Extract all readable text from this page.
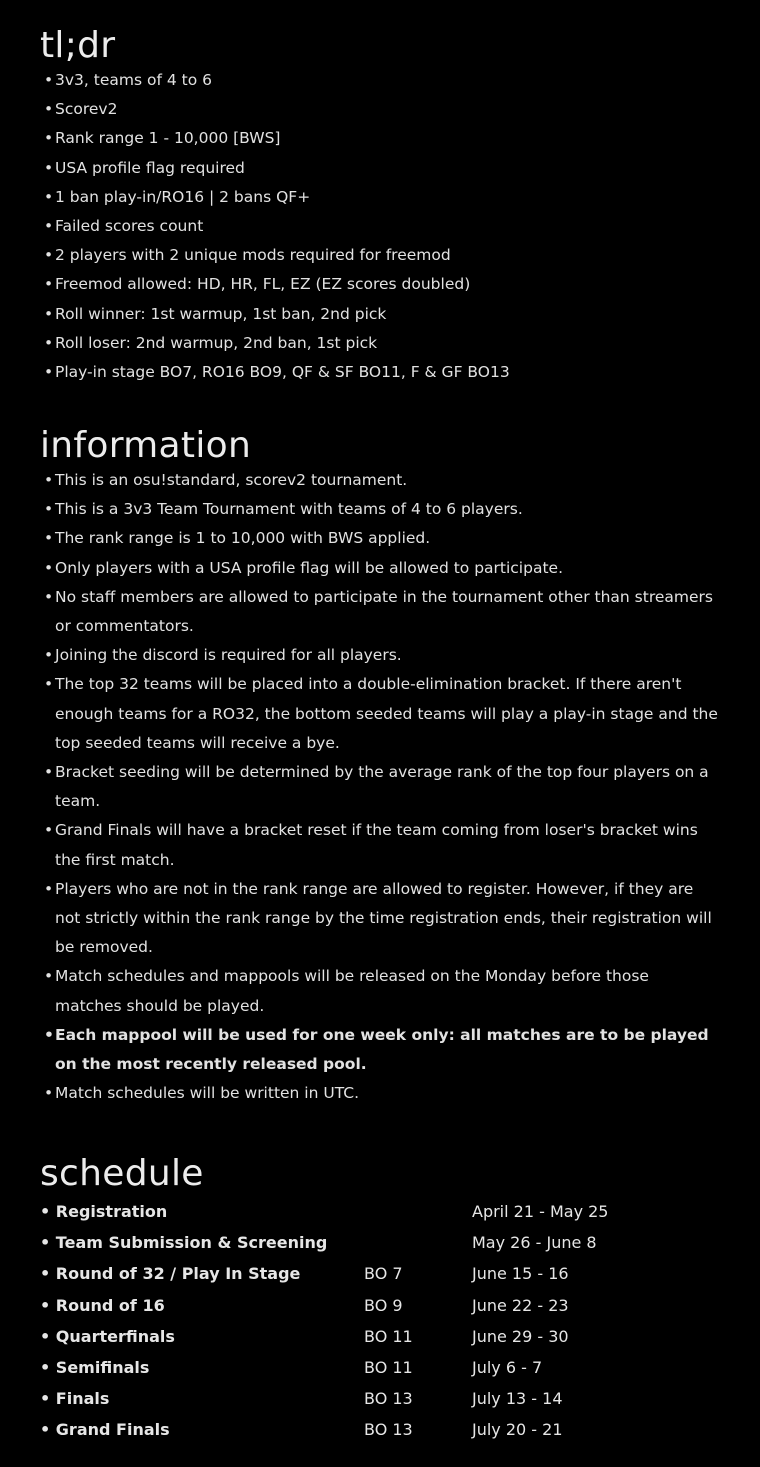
tl;dr
• 3v3, teams of 4 to 6
• Scorev2
• Rank range 1 - 10,000 [BWS]
• USA profile flag required
• 1 ban play-in/RO16 | 2 bans QF+
• Failed scores count
• 2 players with 2 unique mods required for freemod
• Freemod allowed: HD, HR, FL, EZ (EZ scores doubled)
• Roll winner: 1st warmup, 1st ban, 2nd pick
• Roll loser: 2nd warmup, 2nd ban, 1st pick
• Play-in stage BO7, RO16 BO9, QF & SF BO11, F & GF BO13
information
• This is an osu!standard, scorev2 tournament.
• This is a 3v3 Team Tournament with teams of 4 to 6 players.
• The rank range is 1 to 10,000 with BWS applied.
• Only players with a USA profile flag will be allowed to participate.
• No staff members are allowed to participate in the tournament other than streamers or commentators.
• Joining the discord is required for all players.
• The top 32 teams will be placed into a double-elimination bracket. If there aren't enough teams for a RO32, the bottom seeded teams will play a play-in stage and the top seeded teams will receive a bye.
• Bracket seeding will be determined by the average rank of the top four players on a team.
• Grand Finals will have a bracket reset if the team coming from loser's bracket wins the first match.
• Players who are not in the rank range are allowed to register. However, if they are not strictly within the rank range by the time registration ends, their registration will be removed.
• Match schedules and mappools will be released on the Monday before those matches should be played.
• Each mappool will be used for one week only: all matches are to be played on the most recently released pool.
• Match schedules will be written in UTC.
schedule
• Registration	April 21 - May 25
• Team Submission & Screening	May 26 - June 8
• Round of 32 / Play In Stage	BO 7	June 15 - 16
• Round of 16	BO 9	June 22 - 23
• Quarterfinals	BO 11	June 29 - 30
• Semifinals	BO 11	July 6 - 7
• Finals	BO 13	July 13 - 14
• Grand Finals	BO 13	July 20 - 21
